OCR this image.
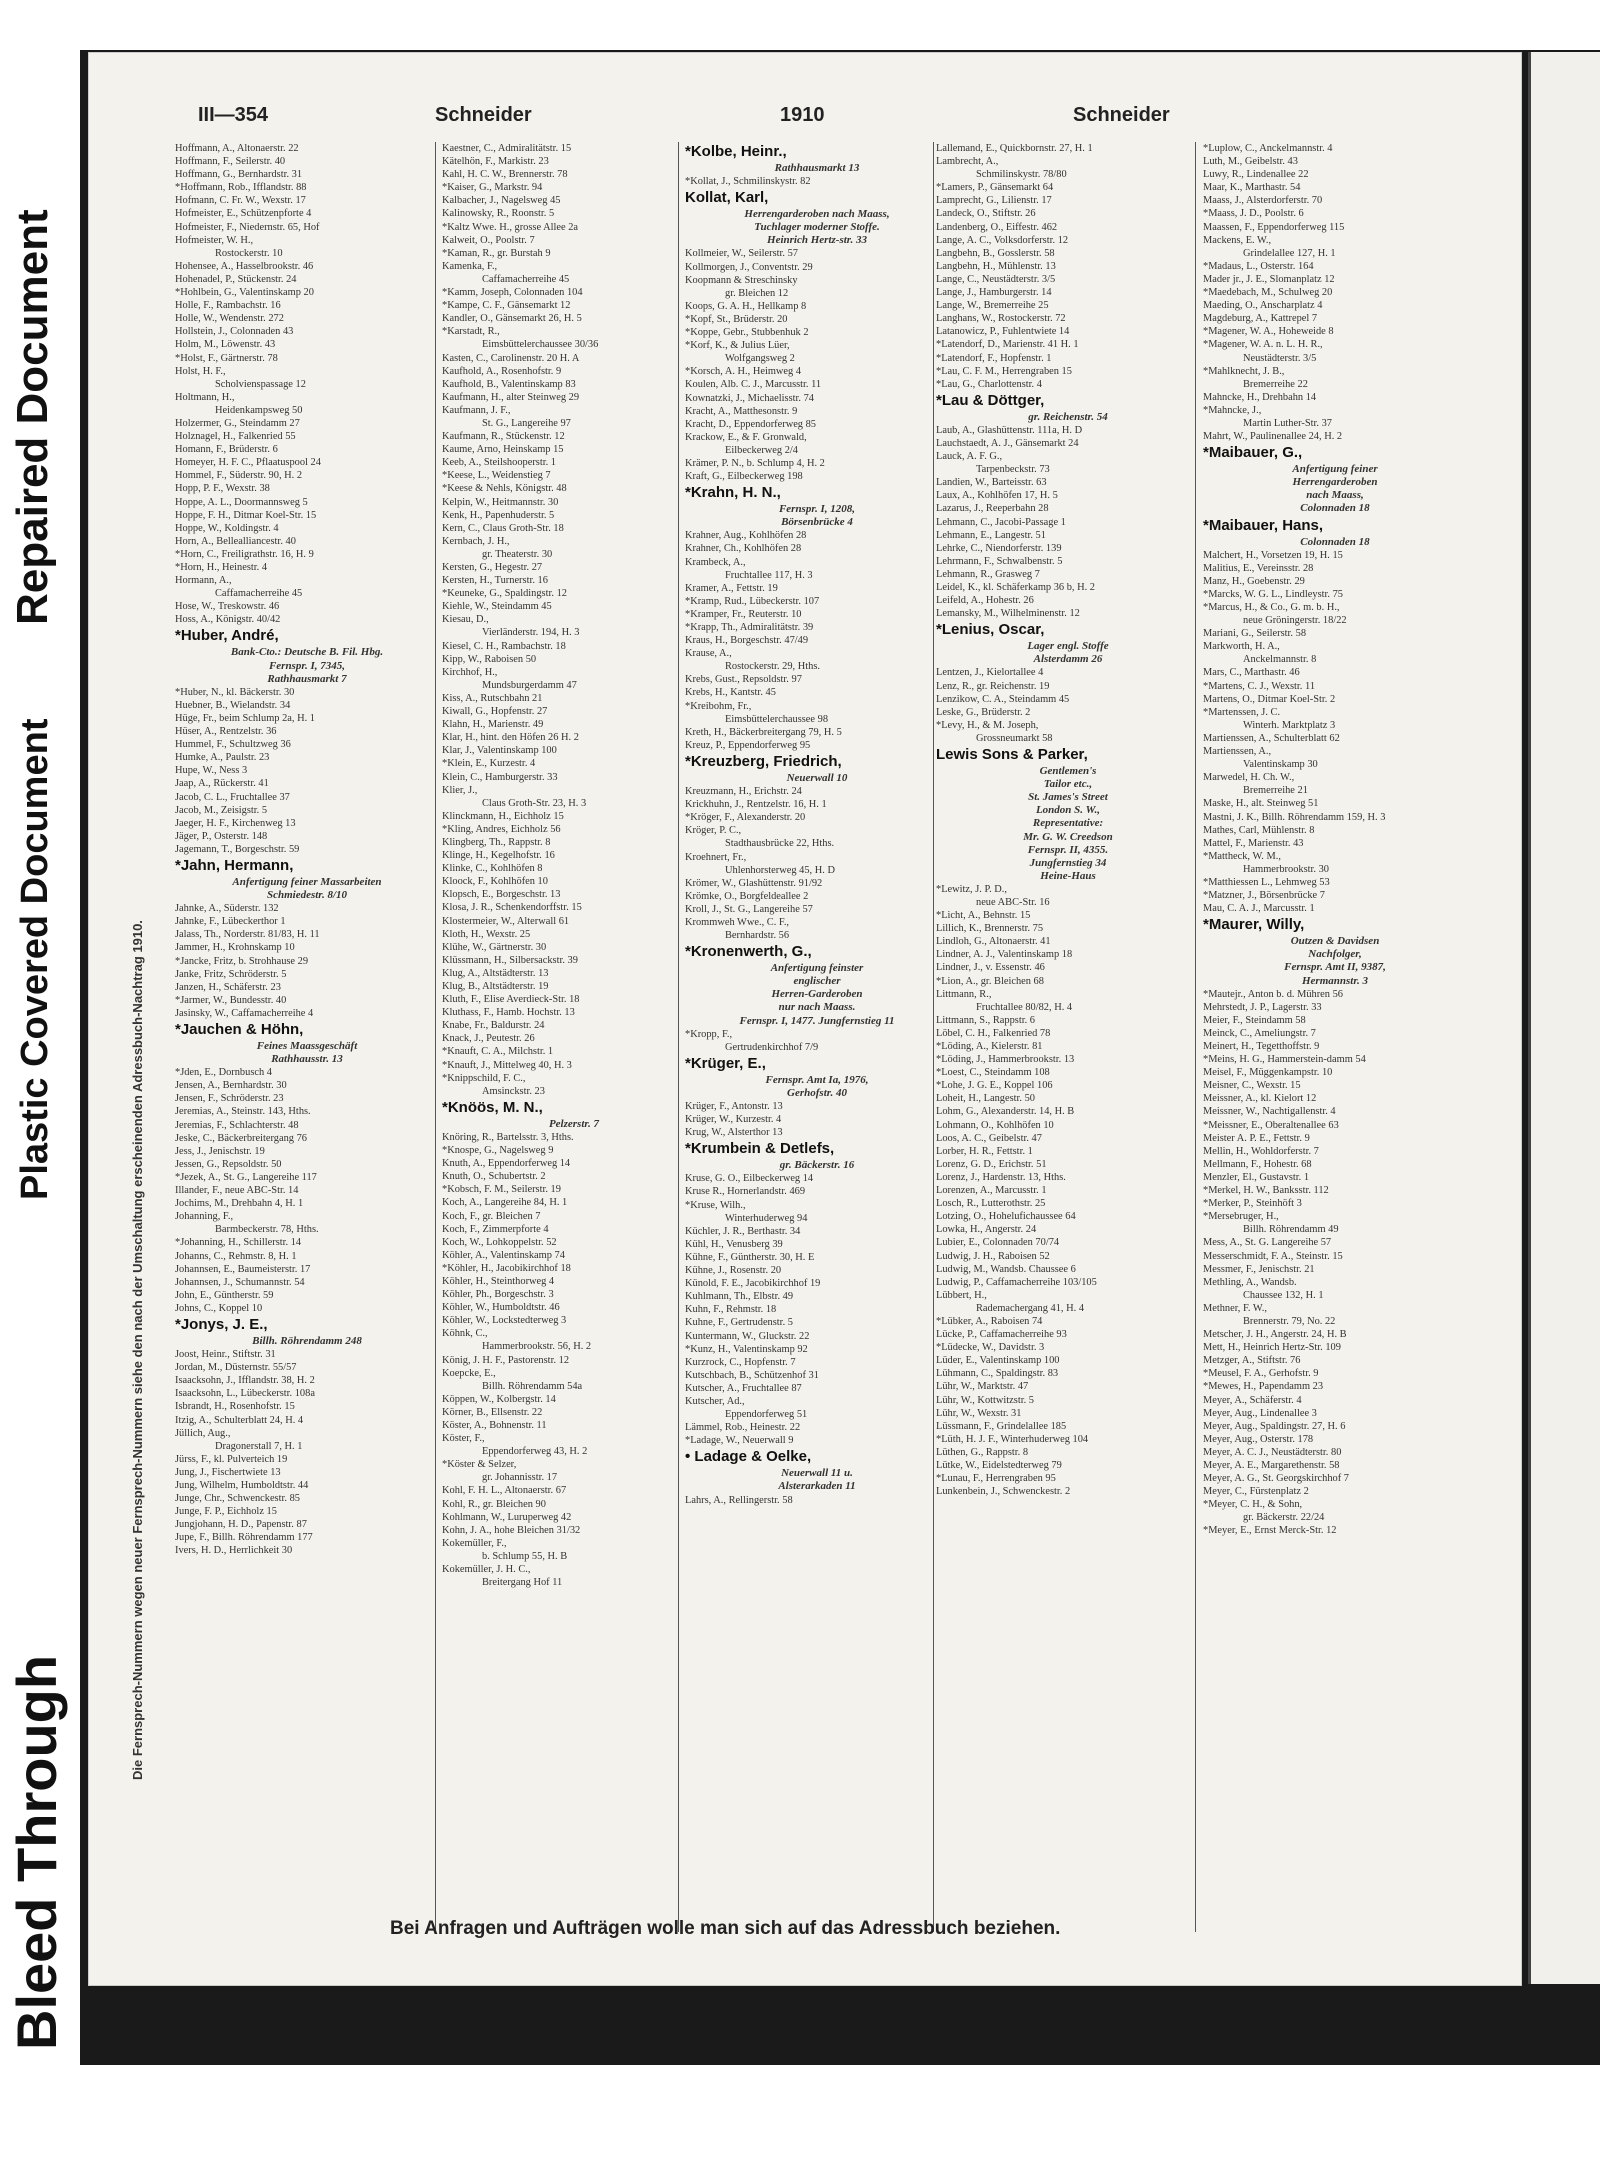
Bleed Through
Plastic Covered Document
Repaired Document
III—354	Schneider	1910	Schneider
Die Fernsprech-Nummern wegen neuer Fernsprech-Nummern siehe den nach der Umschaltung erscheinenden Adressbuch-Nachtrag 1910.
Hoffmann, A., Altonaerstr. 22
Hoffmann, F., Seilerstr. 40
Hoffmann, G., Bernhardstr. 31
*Hoffmann, Rob., Ifflandstr. 88
Hofmann, C. Fr. W., Wexstr. 17
Hofmeister, E., Schützenpforte 4
Hofmeister, F., Niedernstr. 65, Hof
Hofmeister, W. H.,
Rostockerstr. 10
Hohensee, A., Hasselbrookstr. 46
Hohenadel, P., Stückenstr. 24
*Hohlbein, G., Valentinskamp 20
Holle, F., Rambachstr. 16
Holle, W., Wendenstr. 272
Hollstein, J., Colonnaden 43
Holm, M., Löwenstr. 43
*Holst, F., Gärtnerstr. 78
Holst, H. F.,
Scholvienspassage 12
Holtmann, H.,
Heidenkampsweg 50
Holzermer, G., Steindamm 27
Holznagel, H., Falkenried 55
Homann, F., Brüderstr. 6
Homeyer, H. F. C., Pflaatuspool 24
Hommel, F., Süderstr. 90, H. 2
Hopp, P. F., Wexstr. 38
Hoppe, A. L., Doormannsweg 5
Hoppe, F. H., Ditmar Koel-Str. 15
Hoppe, W., Koldingstr. 4
Horn, A., Bellealliancestr. 40
*Horn, C., Freiligrathstr. 16, H. 9
*Horn, H., Heinestr. 4
Hormann, A.,
Caffamacherreihe 45
Hose, W., Treskowstr. 46
Hoss, A., Königstr. 40/42
*Huber, André,
Bank-Cto.: Deutsche B. Fil. Hbg.
Fernspr. I, 7345,
Rathhausmarkt 7
*Huber, N., kl. Bäckerstr. 30
Huebner, B., Wielandstr. 34
Hüge, Fr., beim Schlump 2a, H. 1
Hüser, A., Rentzelstr. 36
Hummel, F., Schultzweg 36
Humke, A., Paulstr. 23
Hupe, W., Ness 3
Jaap, A., Rückerstr. 41
Jacob, C. L., Fruchtallee 37
Jacob, M., Zeisigstr. 5
Jaeger, H. F., Kirchenweg 13
Jäger, P., Osterstr. 148
Jagemann, T., Borgeschstr. 59
*Jahn, Hermann,
Anfertigung feiner Massarbeiten
Schmiedestr. 8/10
Jahnke, A., Süderstr. 132
Jahnke, F., Lübeckerthor 1
Jalass, Th., Norderstr. 81/83, H. 11
Jammer, H., Krohnskamp 10
*Jancke, Fritz, b. Strohhause 29
Janke, Fritz, Schröderstr. 5
Janzen, H., Schäferstr. 23
*Jarmer, W., Bundesstr. 40
Jasinsky, W., Caffamacherreihe 4
*Jauchen & Höhn,
Feines Maassgeschäft
Rathhausstr. 13
*Jden, E., Dornbusch 4
Jensen, A., Bernhardstr. 30
Jensen, F., Schröderstr. 23
Jeremias, A., Steinstr. 143, Hths.
Jeremias, F., Schlachterstr. 48
Jeske, C., Bäckerbreitergang 76
Jess, J., Jenischstr. 19
Jessen, G., Repsoldstr. 50
*Jezek, A., St. G., Langereihe 117
Illander, F., neue ABC-Str. 14
Jochims, M., Drehbahn 4, H. 1
Johanning, F.,
Barmbeckerstr. 78, Hths.
*Johanning, H., Schillerstr. 14
Johanns, C., Rehmstr. 8, H. 1
Johannsen, E., Baumeisterstr. 17
Johannsen, J., Schumannstr. 54
John, E., Güntherstr. 59
Johns, C., Koppel 10
*Jonys, J. E.,
Billh. Röhrendamm 248
Joost, Heinr., Stiftstr. 31
Jordan, M., Düsternstr. 55/57
Isaacksohn, J., Ifflandstr. 38, H. 2
Isaacksohn, L., Lübeckerstr. 108a
Isbrandt, H., Rosenhofstr. 15
Itzig, A., Schulterblatt 24, H. 4
Jüllich, Aug.,
Dragonerstall 7, H. 1
Jürss, F., kl. Pulverteich 19
Jung, J., Fischertwiete 13
Jung, Wilhelm, Humboldtstr. 44
Junge, Chr., Schwenckestr. 85
Junge, F. P., Eichholz 15
Jungjohann, H. D., Papenstr. 87
Jupe, F., Billh. Röhrendamm 177
Ivers, H. D., Herrlichkeit 30
Kaestner, C., Admiralitätstr. 15
Kätelhön, F., Markistr. 23
Kahl, H. C. W., Brennerstr. 78
*Kaiser, G., Markstr. 94
Kalbacher, J., Nagelsweg 45
Kalinowsky, R., Roonstr. 5
*Kaltz Wwe. H., grosse Allee 2a
Kalweit, O., Poolstr. 7
*Kaman, R., gr. Burstah 9
Kamenka, F.,
Caffamacherreihe 45
*Kamm, Joseph, Colonnaden 104
*Kampe, C. F., Gänsemarkt 12
Kandler, O., Gänsemarkt 26, H. 5
*Karstadt, R.,
Eimsbüttelerchaussee 30/36
Kasten, C., Carolinenstr. 20 H. A
Kaufhold, A., Rosenhofstr. 9
Kaufhold, B., Valentinskamp 83
Kaufmann, H., alter Steinweg 29
Kaufmann, J. F.,
St. G., Langereihe 97
Kaufmann, R., Stückenstr. 12
Kaume, Arno, Heinskamp 15
Keeb, A., Steilshooperstr. 1
*Keese, L., Weidenstieg 7
*Keese & Nehls, Königstr. 48
Kelpin, W., Heitmannstr. 30
Kenk, H., Papenhuderstr. 5
Kern, C., Claus Groth-Str. 18
Kernbach, J. H.,
gr. Theaterstr. 30
Kersten, G., Hegestr. 27
Kersten, H., Turnerstr. 16
*Keuneke, G., Spaldingstr. 12
Kiehle, W., Steindamm 45
Kiesau, D.,
Vierländerstr. 194, H. 3
Kiesel, C. H., Rambachstr. 18
Kipp, W., Raboisen 50
Kirchhof, H.,
Mundsburgerdamm 47
Kiss, A., Rutschbahn 21
Kiwall, G., Hopfenstr. 27
Klahn, H., Marienstr. 49
Klar, H., hint. den Höfen 26 H. 2
Klar, J., Valentinskamp 100
*Klein, E., Kurzestr. 4
Klein, C., Hamburgerstr. 33
Klier, J.,
Claus Groth-Str. 23, H. 3
Klinckmann, H., Eichholz 15
*Kling, Andres, Eichholz 56
Klingberg, Th., Rappstr. 8
Klinge, H., Kegelhofstr. 16
Klinke, C., Kohlhöfen 8
Kloock, F., Kohlhöfen 10
Klopsch, E., Borgeschstr. 13
Klosa, J. R., Schenkendorffstr. 15
Klostermeier, W., Alterwall 61
Kloth, H., Wexstr. 25
Klühe, W., Gärtnerstr. 30
Klüssmann, H., Silbersackstr. 39
Klug, A., Altstädterstr. 13
Klug, B., Altstädterstr. 19
Kluth, F., Elise Averdieck-Str. 18
Kluthass, F., Hamb. Hochstr. 13
Knabe, Fr., Baldurstr. 24
Knack, J., Peutestr. 26
*Knauft, C. A., Milchstr. 1
*Knauft, J., Mittelweg 40, H. 3
*Knippschild, F. C.,
Amsinckstr. 23
*Knöös, M. N.,
Pelzerstr. 7
Knöring, R., Bartelsstr. 3, Hths.
*Knospe, G., Nagelsweg 9
Knuth, A., Eppendorferweg 14
Knuth, O., Schubertstr. 2
*Kobsch, F. M., Seilerstr. 19
Koch, A., Langereihe 84, H. 1
Koch, F., gr. Bleichen 7
Koch, F., Zimmerpforte 4
Koch, W., Lohkoppelstr. 52
Köhler, A., Valentinskamp 74
*Köhler, H., Jacobikirchhof 18
Köhler, H., Steinthorweg 4
Köhler, Ph., Borgeschstr. 3
Köhler, W., Humboldtstr. 46
Köhler, W., Lockstedterweg 3
Köhnk, C.,
Hammerbrookstr. 56, H. 2
König, J. H. F., Pastorenstr. 12
Koepcke, E.,
Billh. Röhrendamm 54a
Köppen, W., Kolbergstr. 14
Körner, B., Ellsenstr. 22
Köster, A., Bohnenstr. 11
Köster, F.,
Eppendorferweg 43, H. 2
*Köster & Selzer,
gr. Johannisstr. 17
Kohl, F. H. L., Altonaerstr. 67
Kohl, R., gr. Bleichen 90
Kohlmann, W., Luruperweg 42
Kohn, J. A., hohe Bleichen 31/32
Kokemüller, F.,
b. Schlump 55, H. B
Kokemüller, J. H. C.,
Breitergang Hof 11
*Kolbe, Heinr.,
Rathhausmarkt 13
*Kollat, J., Schmilinskystr. 82
Kollat, Karl,
Herrengarderoben nach Maass,
Tuchlager moderner Stoffe.
Heinrich Hertz-str. 33
Kollmeier, W., Seilerstr. 57
Kollmorgen, J., Conventstr. 29
Koopmann & Streschinsky
gr. Bleichen 12
Koops, G. A. H., Hellkamp 8
*Kopf, St., Brüderstr. 20
*Koppe, Gebr., Stubbenhuk 2
*Korf, K., & Julius Lüer,
Wolfgangsweg 2
*Korsch, A. H., Heimweg 4
Koulen, Alb. C. J., Marcusstr. 11
Kownatzki, J., Michaelisstr. 74
Kracht, A., Matthesonstr. 9
Kracht, D., Eppendorferweg 85
Krackow, E., & F. Gronwald,
Eilbeckerweg 2/4
Krämer, P. N., b. Schlump 4, H. 2
Kraft, G., Eilbeckerweg 198
*Krahn, H. N.,
Fernspr. I, 1208,
Börsenbrücke 4
Krahner, Aug., Kohlhöfen 28
Krahner, Ch., Kohlhöfen 28
Krambeck, A.,
Fruchtallee 117, H. 3
Kramer, A., Fettstr. 19
*Kramp, Rud., Lübeckerstr. 107
*Kramper, Fr., Reuterstr. 10
*Krapp, Th., Admiralitätstr. 39
Kraus, H., Borgeschstr. 47/49
Krause, A.,
Rostockerstr. 29, Hths.
Krebs, Gust., Repsoldstr. 97
Krebs, H., Kantstr. 45
*Kreibohm, Fr.,
Eimsbüttelerchaussee 98
Kreth, H., Bäckerbreitergang 79, H. 5
Kreuz, P., Eppendorferweg 95
*Kreuzberg, Friedrich,
Neuerwall 10
Kreuzmann, H., Erichstr. 24
Krickhuhn, J., Rentzelstr. 16, H. 1
*Kröger, F., Alexanderstr. 20
Kröger, P. C.,
Stadthausbrücke 22, Hths.
Kroehnert, Fr.,
Uhlenhorsterweg 45, H. D
Krömer, W., Glashüttenstr. 91/92
Krömke, O., Borgfeldeallee 2
Kroll, J., St. G., Langereihe 57
Krommweh Wwe., C. F.,
Bernhardstr. 56
*Kronenwerth, G.,
Anfertigung feinster
englischer
Herren-Garderoben
nur nach Maass.
Fernspr. I, 1477. Jungfernstieg 11
*Kropp, F.,
Gertrudenkirchhof 7/9
*Krüger, E.,
Fernspr. Amt Ia, 1976,
Gerhofstr. 40
Krüger, F., Antonstr. 13
Krüger, W., Kurzestr. 4
Krug, W., Alsterthor 13
*Krumbein & Detlefs,
gr. Bäckerstr. 16
Kruse, G. O., Eilbeckerweg 14
Kruse R., Hornerlandstr. 469
*Kruse, Wilh.,
Winterhuderweg 94
Küchler, J. R., Berthastr. 34
Kühl, H., Venusberg 39
Kühne, F., Güntherstr. 30, H. E
Kühne, J., Rosenstr. 20
Künold, F. E., Jacobikirchhof 19
Kuhlmann, Th., Elbstr. 49
Kuhn, F., Rehmstr. 18
Kuhne, F., Gertrudenstr. 5
Kuntermann, W., Gluckstr. 22
*Kunz, H., Valentinskamp 92
Kurzrock, C., Hopfenstr. 7
Kutschbach, B., Schützenhof 31
Kutscher, A., Fruchtallee 87
Kutscher, Ad.,
Eppendorferweg 51
Lämmel, Rob., Heinestr. 22
*Ladage, W., Neuerwall 9
• Ladage & Oelke,
Neuerwall 11 u.
Alsterarkaden 11
Lahrs, A., Rellingerstr. 58
Lallemand, E., Quickbornstr. 27, H. 1
Lambrecht, A.,
Schmilinskystr. 78/80
*Lamers, P., Gänsemarkt 64
Lamprecht, G., Lilienstr. 17
Landeck, O., Stiftstr. 26
Landenberg, O., Eiffestr. 462
Lange, A. C., Volksdorferstr. 12
Langbehn, B., Gosslerstr. 58
Langbehn, H., Mühlenstr. 13
Lange, C., Neustädterstr. 3/5
Lange, J., Hamburgerstr. 14
Lange, W., Bremerreihe 25
Langhans, W., Rostockerstr. 72
Latanowicz, P., Fuhlentwiete 14
*Latendorf, D., Marienstr. 41 H. 1
*Latendorf, F., Hopfenstr. 1
*Lau, C. F. M., Herrengraben 15
*Lau, G., Charlottenstr. 4
*Lau & Döttger,
gr. Reichenstr. 54
Laub, A., Glashüttenstr. 111a, H. D
Lauchstaedt, A. J., Gänsemarkt 24
Lauck, A. F. G.,
Tarpenbeckstr. 73
Landien, W., Barteisstr. 63
Laux, A., Kohlhöfen 17, H. 5
Lazarus, J., Reeperbahn 28
Lehmann, C., Jacobi-Passage 1
Lehmann, E., Langestr. 51
Lehrke, C., Niendorferstr. 139
Lehrmann, F., Schwalbenstr. 5
Lehmann, R., Grasweg 7
Leidel, K., kl. Schäferkamp 36 b, H. 2
Leifeld, A., Hohestr. 26
Lemansky, M., Wilhelminenstr. 12
*Lenius, Oscar,
Lager engl. Stoffe
Alsterdamm 26
Lentzen, J., Kielortallee 4
Lenz, R., gr. Reichenstr. 19
Lenzikow, C. A., Steindamm 45
Leske, G., Brüderstr. 2
*Levy, H., & M. Joseph,
Grossneumarkt 58
Lewis Sons & Parker,
Gentlemen's
Tailor etc.,
St. James's Street
London S. W.,
Representative:
Mr. G. W. Creedson
Fernspr. II, 4355.
Jungfernstieg 34
Heine-Haus
*Lewitz, J. P. D.,
neue ABC-Str. 16
*Licht, A., Behnstr. 15
Lillich, K., Brennerstr. 75
Lindloh, G., Altonaerstr. 41
Lindner, A. J., Valentinskamp 18
Lindner, J., v. Essenstr. 46
*Lion, A., gr. Bleichen 68
Littmann, R.,
Fruchtallee 80/82, H. 4
Littmann, S., Rappstr. 6
Löbel, C. H., Falkenried 78
*Löding, A., Kielerstr. 81
*Löding, J., Hammerbrookstr. 13
*Loest, C., Steindamm 108
*Lohe, J. G. E., Koppel 106
Loheit, H., Langestr. 50
Lohm, G., Alexanderstr. 14, H. B
Lohmann, O., Kohlhöfen 10
Loos, A. C., Geibelstr. 47
Lorber, H. R., Fettstr. 1
Lorenz, G. D., Erichstr. 51
Lorenz, J., Hardenstr. 13, Hths.
Lorenzen, A., Marcusstr. 1
Losch, R., Lutterothstr. 25
Lotzing, O., Hohelufichaussee 64
Lowka, H., Angerstr. 24
Lubier, E., Colonnaden 70/74
Ludwig, J. H., Raboisen 52
Ludwig, M., Wandsb. Chaussee 6
Ludwig, P., Caffamacherreihe 103/105
Lübbert, H.,
Rademachergang 41, H. 4
*Lübker, A., Raboisen 74
Lücke, P., Caffamacherreihe 93
*Lüdecke, W., Davidstr. 3
Lüder, E., Valentinskamp 100
Lühmann, C., Spaldingstr. 83
Lühr, W., Marktstr. 47
Lühr, W., Kottwitzstr. 5
Lühr, W., Wexstr. 31
Lüssmann, F., Grindelallee 185
*Lüth, H. J. F., Winterhuderweg 104
Lüthen, G., Rappstr. 8
Lütke, W., Eidelstedterweg 79
*Lunau, F., Herrengraben 95
Lunkenbein, J., Schwenckestr. 2
*Luplow, C., Anckelmannstr. 4
Luth, M., Geibelstr. 43
Luwy, R., Lindenallee 22
Maar, K., Marthastr. 54
Maass, J., Alsterdorferstr. 70
*Maass, J. D., Poolstr. 6
Maassen, F., Eppendorferweg 115
Mackens, E. W.,
Grindelallee 127, H. 1
*Madaus, L., Osterstr. 164
Mader jr., J. E., Slomanplatz 12
*Maedebach, M., Schulweg 20
Maeding, O., Anscharplatz 4
Magdeburg, A., Kattrepel 7
*Magener, W. A., Hoheweide 8
*Magener, W. A. n. L. H. R.,
Neustädterstr. 3/5
*Mahlknecht, J. B.,
Bremerreihe 22
Mahncke, H., Drehbahn 14
*Mahncke, J.,
Martin Luther-Str. 37
Mahrt, W., Paulinenallee 24, H. 2
*Maibauer, G.,
Anfertigung feiner
Herrengarderoben
nach Maass,
Colonnaden 18
*Maibauer, Hans,
Colonnaden 18
Malchert, H., Vorsetzen 19, H. 15
Malitius, E., Vereinsstr. 28
Manz, H., Goebenstr. 29
*Marcks, W. G. L., Lindleystr. 75
*Marcus, H., & Co., G. m. b. H.,
neue Gröningerstr. 18/22
Mariani, G., Seilerstr. 58
Markworth, H. A.,
Anckelmannstr. 8
Mars, C., Marthastr. 46
*Martens, C. J., Wexstr. 11
Martens, O., Ditmar Koel-Str. 2
*Martenssen, J. C.
Winterh. Marktplatz 3
Martienssen, A., Schulterblatt 62
Martienssen, A.,
Valentinskamp 30
Marwedel, H. Ch. W.,
Bremerreihe 21
Maske, H., alt. Steinweg 51
Mastni, J. K., Billh. Röhrendamm 159, H. 3
Mathes, Carl, Mühlenstr. 8
Mattel, F., Marienstr. 43
*Mattheck, W. M.,
Hammerbrookstr. 30
*Matthiessen L., Lehmweg 53
*Matzner, J., Börsenbrücke 7
Mau, C. A. J., Marcusstr. 1
*Maurer, Willy,
Outzen & Davidsen
Nachfolger,
Fernspr. Amt II, 9387,
Hermannstr. 3
*Mautejr., Anton b. d. Mühren 56
Mehrstedt, J. P., Lagerstr. 33
Meier, F., Steindamm 58
Meinck, C., Ameliungstr. 7
Meinert, H., Tegetthoffstr. 9
*Meins, H. G., Hammerstein-damm 54
Meisel, F., Müggenkampstr. 10
Meisner, C., Wexstr. 15
Meissner, A., kl. Kielort 12
Meissner, W., Nachtigallenstr. 4
*Meissner, E., Oberaltenallee 63
Meister A. P. E., Fettstr. 9
Mellin, H., Wohldorferstr. 7
Mellmann, F., Hohestr. 68
Menzler, El., Gustavstr. 1
*Merkel, H. W., Banksstr. 112
*Merker, P., Steinhöft 3
*Mersebruger, H.,
Billh. Röhrendamm 49
Mess, A., St. G. Langereihe 57
Messerschmidt, F. A., Steinstr. 15
Messmer, F., Jenischstr. 21
Methling, A., Wandsb.
Chaussee 132, H. 1
Methner, F. W.,
Brennerstr. 79, No. 22
Metscher, J. H., Angerstr. 24, H. B
Mett, H., Heinrich Hertz-Str. 109
Metzger, A., Stiftstr. 76
*Meusel, F. A., Gerhofstr. 9
*Mewes, H., Papendamm 23
Meyer, A., Schäferstr. 4
Meyer, Aug., Lindenallee 3
Meyer, Aug., Spaldingstr. 27, H. 6
Meyer, Aug., Osterstr. 178
Meyer, A. C. J., Neustädterstr. 80
Meyer, A. E., Margarethenstr. 58
Meyer, A. G., St. Georgskirchhof 7
Meyer, C., Fürstenplatz 2
*Meyer, C. H., & Sohn,
gr. Bäckerstr. 22/24
*Meyer, E., Ernst Merck-Str. 12
Bei Anfragen und Aufträgen wolle man sich auf das Adressbuch beziehen.
